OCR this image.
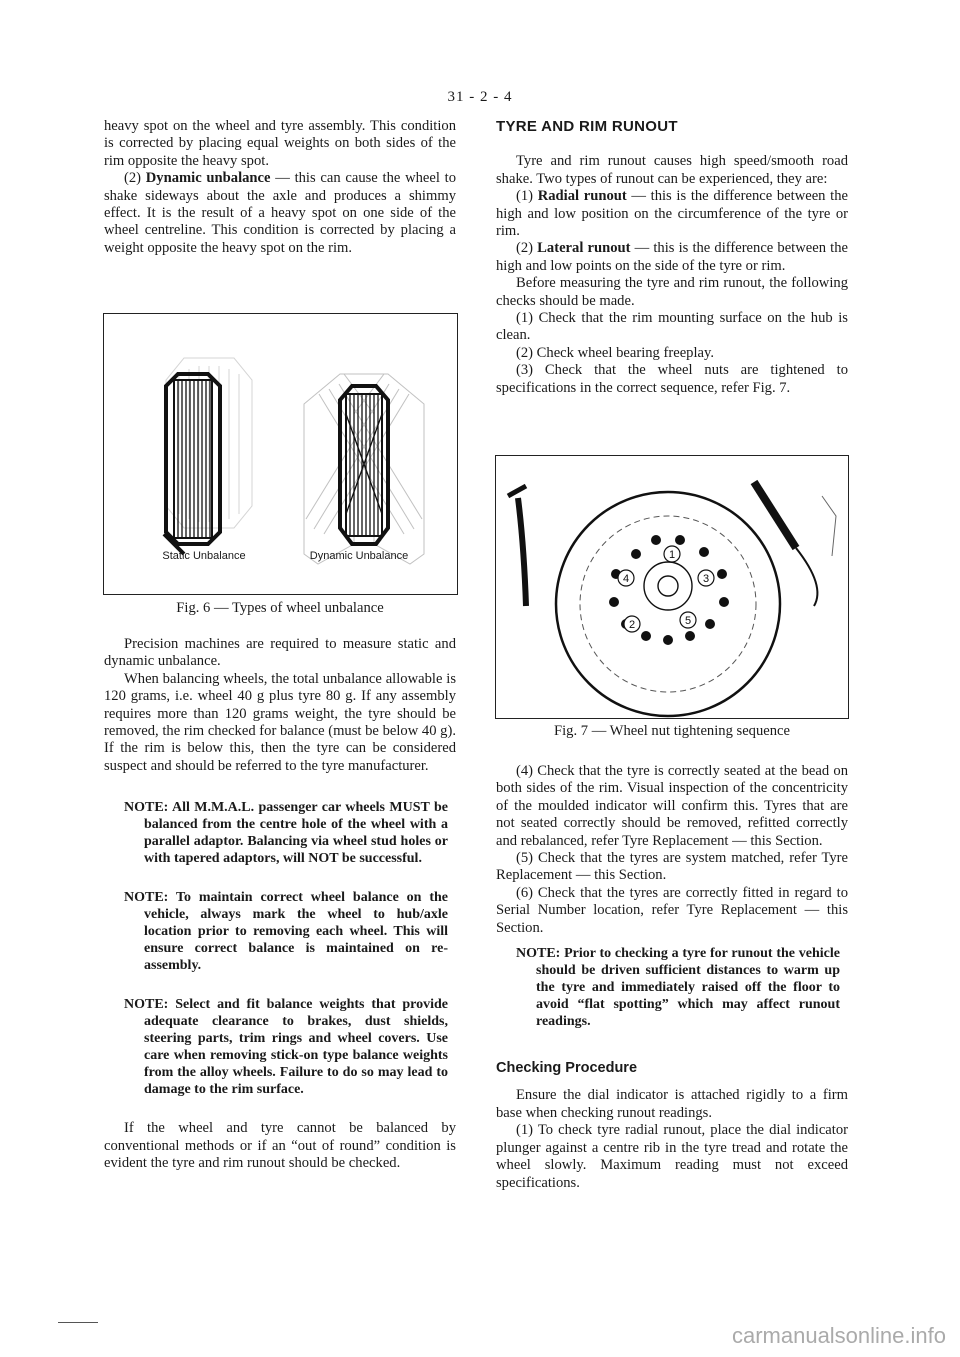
31 - 2 - 4

heavy spot on the wheel and tyre assembly. This condition is corrected by placing equal weights on both sides of the rim opposite the heavy spot.

(2) Dynamic unbalance — this can cause the wheel to shake sideways about the axle and produces a shimmy effect. It is the result of a heavy spot on one side of the wheel centreline. This condition is corrected by placing a weight opposite the heavy spot on the rim.

Static Unbalance	Dynamic Unbalance
Fig. 6 — Types of wheel unbalance

Precision machines are required to measure static and dynamic unbalance.

When balancing wheels, the total unbalance allowable is 120 grams, i.e. wheel 40 g plus tyre 80 g. If any assembly requires more than 120 grams weight, the tyre should be removed, the rim checked for balance (must be below 40 g). If the rim is below this, then the tyre can be considered suspect and should be referred to the tyre manufacturer.

NOTE: All M.M.A.L. passenger car wheels MUST be balanced from the centre hole of the wheel with a parallel adaptor. Balancing via wheel stud holes or with tapered adaptors, will NOT be successful.

NOTE: To maintain correct wheel balance on the vehicle, always mark the wheel to hub/axle location prior to removing each wheel. This will ensure correct balance is maintained on re-assembly.

NOTE: Select and fit balance weights that provide adequate clearance to brakes, dust shields, steering parts, trim rings and wheel covers. Use care when removing stick-on type balance weights from the alloy wheels. Failure to do so may lead to damage to the rim surface.

If the wheel and tyre cannot be balanced by conventional methods or if an “out of round” condition is evident the tyre and rim runout should be checked.

TYRE AND RIM RUNOUT

Tyre and rim runout causes high speed/smooth road shake. Two types of runout can be experienced, they are:

(1) Radial runout — this is the difference between the high and low position on the circumference of the tyre or rim.

(2) Lateral runout — this is the difference between the high and low points on the side of the tyre or rim.

Before measuring the tyre and rim runout, the following checks should be made.

(1) Check that the rim mounting surface on the hub is clean.

(2) Check wheel bearing freeplay.

(3) Check that the wheel nuts are tightened to specifications in the correct sequence, refer Fig. 7.

1
2
3
4
5
Fig. 7 — Wheel nut tightening sequence

(4) Check that the tyre is correctly seated at the bead on both sides of the rim. Visual inspection of the concentricity of the moulded indicator will confirm this. Tyres that are not seated correctly should be removed, refitted correctly and rebalanced, refer Tyre Replacement — this Section.

(5) Check that the tyres are system matched, refer Tyre Replacement — this Section.

(6) Check that the tyres are correctly fitted in regard to Serial Number location, refer Tyre Replacement — this Section.

NOTE: Prior to checking a tyre for runout the vehicle should be driven sufficient distances to warm up the tyre and immediately raised off the floor to avoid “flat spotting” which may affect runout readings.

Checking Procedure

Ensure the dial indicator is attached rigidly to a firm base when checking runout readings.

(1) To check tyre radial runout, place the dial indicator plunger against a centre rib in the tyre tread and rotate the wheel slowly. Maximum reading must not exceed specifications.

carmanualsonline.info
